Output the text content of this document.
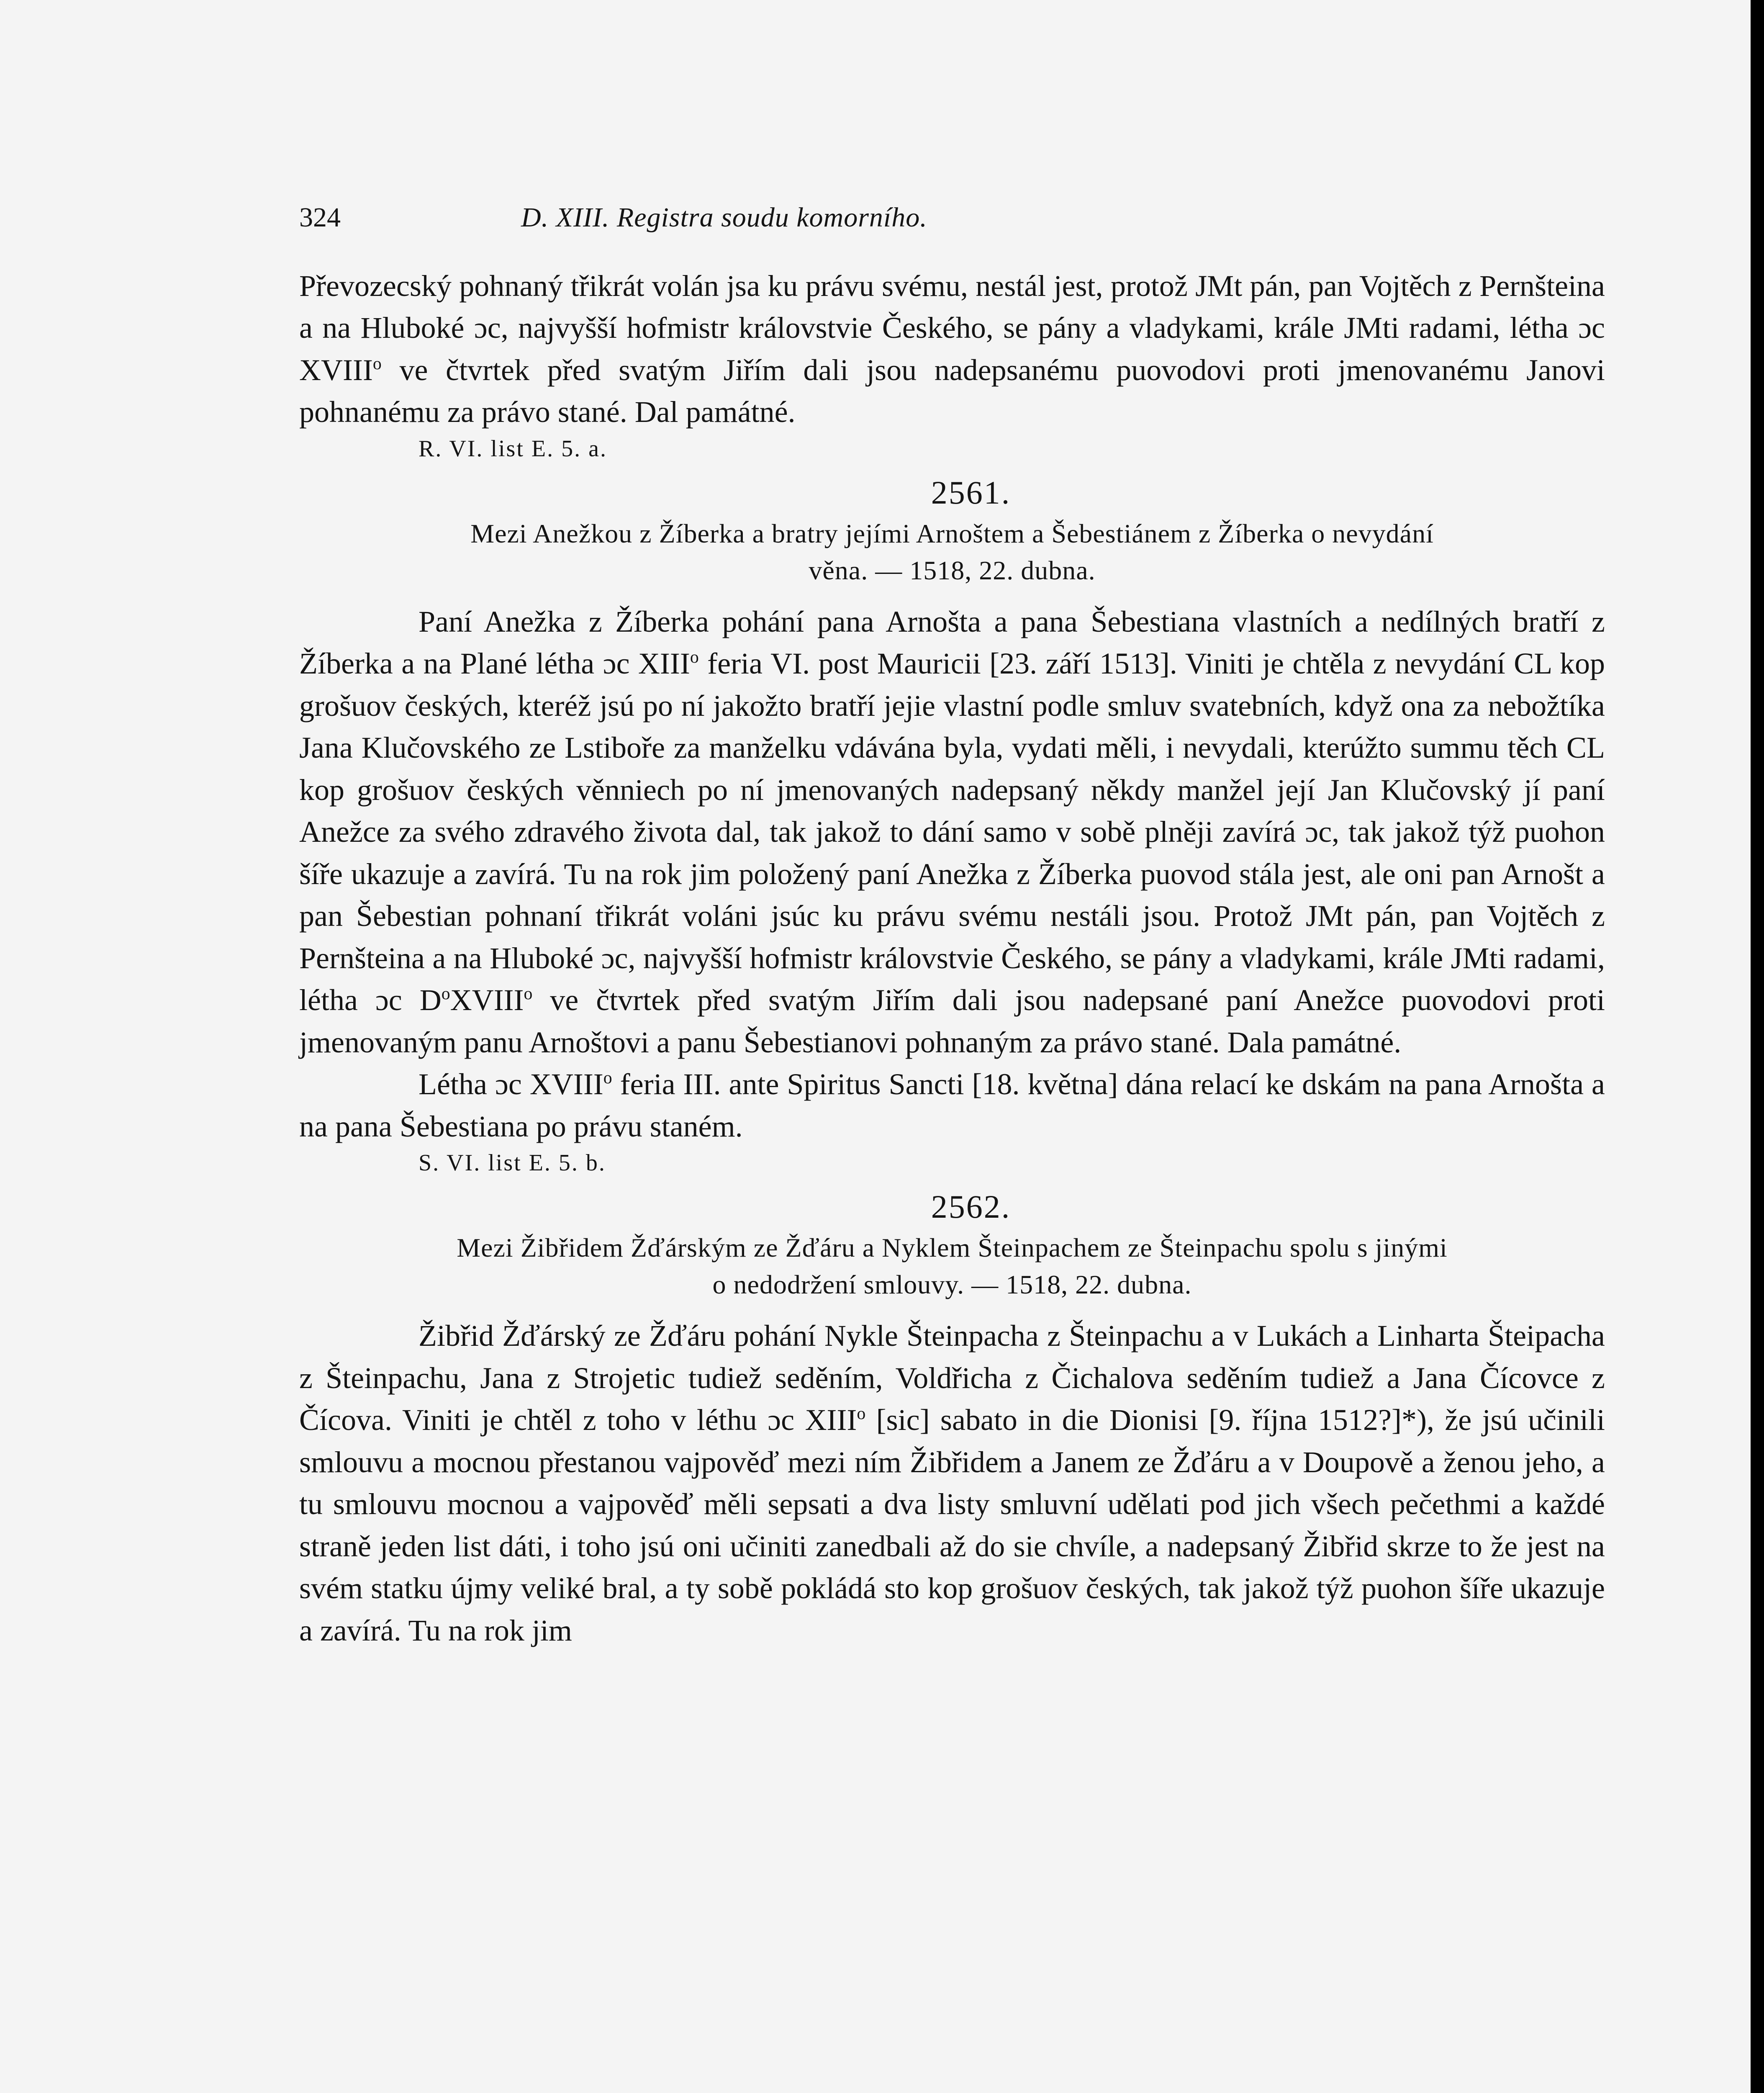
324	D. XIII. Registra soudu komorního.

Převozecský pohnaný třikrát volán jsa ku právu svému, nestál jest, protož JMt pán, pan Vojtěch z Pernšteina a na Hluboké ɔc, najvyšší hofmistr královstvie Českého, se pány a vladykami, krále JMti radami, létha ɔc XVIII$^o$ ve čtvrtek před svatým Jiřím dali jsou nadepsanému puovodovi proti jmenovanému Janovi pohnanému za právo stané. Dal památné.

R. VI. list E. 5. a.
2561.
Mezi Anežkou z Žíberka a bratry jejími Arnoštem a Šebestiánem z Žíberka o nevydání
věna. — 1518, 22. dubna.

Paní Anežka z Žíberka pohání pana Arnošta a pana Šebestiana vlastních a nedílných bratří z Žíberka a na Plané létha ɔc XIII$^o$ feria VI. post Mauricii [23. září 1513]. Viniti je chtěla z nevydání CL kop grošuov českých, kteréž jsú po ní jakožto bratří jejie vlastní podle smluv svatebních, když ona za nebožtíka Jana Klučovského ze Lstiboře za manželku vdávána byla, vydati měli, i nevydali, kterúžto summu těch CL kop grošuov českých věnniech po ní jmenovaných nadepsaný někdy manžel její Jan Klučovský jí paní Anežce za svého zdravého života dal, tak jakož to dání samo v sobě plněji zavírá ɔc, tak jakož týž puohon šíře ukazuje a zavírá. Tu na rok jim položený paní Anežka z Žíberka puovod stála jest, ale oni pan Arnošt a pan Šebestian pohnaní třikrát voláni jsúc ku právu svému nestáli jsou. Protož JMt pán, pan Vojtěch z Pernšteina a na Hluboké ɔc, najvyšší hofmistr královstvie Českého, se pány a vladykami, krále JMti radami, létha ɔc $D^oXVIII^o$ ve čtvrtek před svatým Jiřím dali jsou nadepsané paní Anežce puovodovi proti jmenovaným panu Arnoštovi a panu Šebestianovi pohnaným za právo stané. Dala památné.

Létha ɔc XVIII$^o$ feria III. ante Spiritus Sancti [18. května] dána relací ke dskám na pana Arnošta a na pana Šebestiana po právu staném.

S. VI. list E. 5. b.
2562.
Mezi Žibřidem Žďárským ze Žďáru a Nyklem Šteinpachem ze Šteinpachu spolu s jinými
o nedodržení smlouvy. — 1518, 22. dubna.

Žibřid Žďárský ze Žďáru pohání Nykle Šteinpacha z Šteinpachu a v Lukách a Linharta Šteipacha z Šteinpachu, Jana z Strojetic tudiež seděním, Voldřicha z Čichalova seděním tudiež a Jana Čícovce z Čícova. Viniti je chtěl z toho v léthu ɔc XIII$^o$ [sic] sabato in die Dionisi [9. října 1512?]*), že jsú učinili smlouvu a mocnou přestanou vajpověď mezi ním Žibřidem a Janem ze Žďáru a v Doupově a ženou jeho, a tu smlouvu mocnou a vajpověď měli sepsati a dva listy smluvní udělati pod jich všech pečethmi a každé straně jeden list dáti, i toho jsú oni učiniti zanedbali až do sie chvíle, a nadepsaný Žibřid skrze to že jest na svém statku újmy veliké bral, a ty sobě pokládá sto kop grošuov českých, tak jakož týž puohon šíře ukazuje a zavírá. Tu na rok jim
